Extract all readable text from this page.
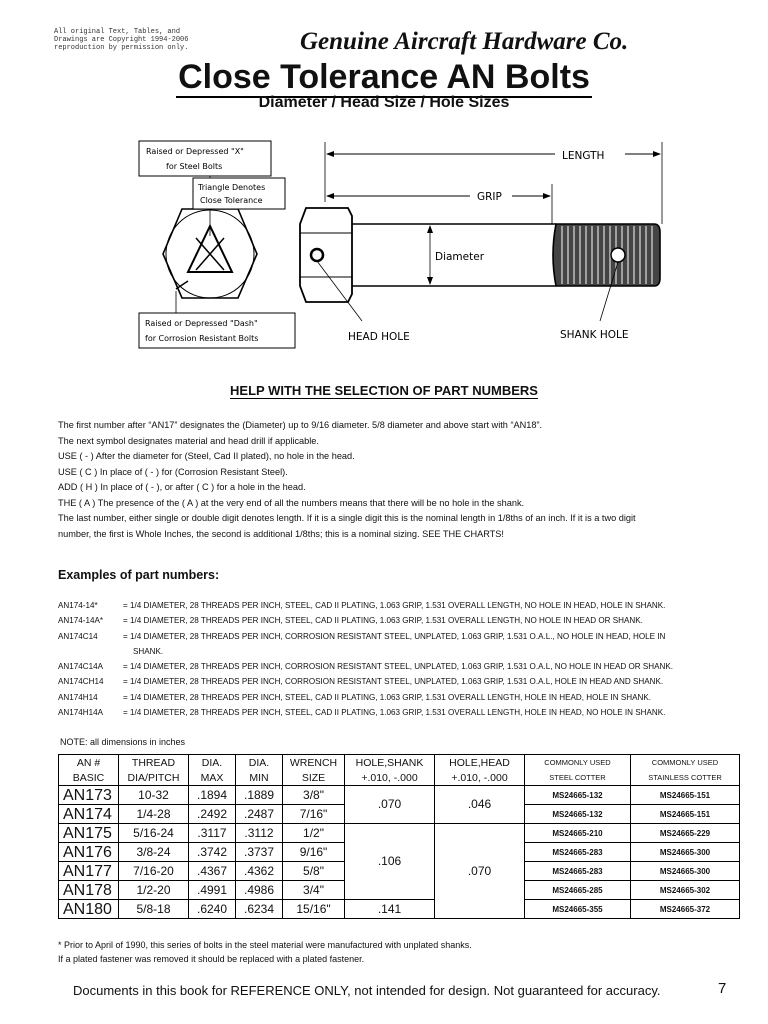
All original Text, Tables, and
Drawings are Copyright 1994-2006
reproduction by permission only.	Genuine Aircraft Hardware Co.
Close Tolerance AN Bolts
Diameter / Head Size / Hole Sizes
Raised or Depressed "X"
for Steel Bolts
Triangle Denotes
Close Tolerance
Raised or Depressed "Dash"
for Corrosion Resistant Bolts
LENGTH
GRIP
Diameter
HEAD HOLE	SHANK HOLE
HELP WITH THE SELECTION OF PART NUMBERS
The first number after “AN17” designates the (Diameter) up to 9/16 diameter. 5/8 diameter and above start with “AN18”.
The next symbol designates material and head drill if applicable.
USE ( - ) After the diameter for (Steel, Cad II plated), no hole in the head.
USE ( C ) In place of ( - ) for (Corrosion Resistant Steel).
ADD ( H ) In place of ( - ), or after ( C ) for a hole in the head.
THE ( A ) The presence of the ( A ) at the very end of all the numbers means that there will be no hole in the shank.
The last number, either single or double digit denotes length. If it is a single digit this is the nominal length in 1/8ths of an inch. If it is a two digit
number, the first is Whole Inches, the second is additional 1/8ths; this is a nominal sizing. SEE THE CHARTS!
Examples of part numbers:
AN174-14*	= 1/4 DIAMETER, 28 THREADS PER INCH, STEEL, CAD II PLATING, 1.063 GRIP, 1.531 OVERALL LENGTH, NO HOLE IN HEAD, HOLE IN SHANK.
AN174-14A*	= 1/4 DIAMETER, 28 THREADS PER INCH, STEEL, CAD II PLATING, 1.063 GRIP, 1.531 OVERALL LENGTH, NO HOLE IN HEAD OR SHANK.
AN174C14	= 1/4 DIAMETER, 28 THREADS PER INCH, CORROSION RESISTANT STEEL, UNPLATED, 1.063 GRIP, 1.531 O.A.L., NO HOLE IN HEAD, HOLE IN
SHANK.
AN174C14A	= 1/4 DIAMETER, 28 THREADS PER INCH, CORROSION RESISTANT STEEL, UNPLATED, 1.063 GRIP, 1.531 O.A.L, NO HOLE IN HEAD OR SHANK.
AN174CH14	= 1/4 DIAMETER, 28 THREADS PER INCH, CORROSION RESISTANT STEEL, UNPLATED, 1.063 GRIP, 1.531 O.A.L, HOLE IN HEAD AND SHANK.
AN174H14	= 1/4 DIAMETER, 28 THREADS PER INCH, STEEL, CAD II PLATING, 1.063 GRIP, 1.531 OVERALL LENGTH, HOLE IN HEAD, HOLE IN SHANK.
AN174H14A	= 1/4 DIAMETER, 28 THREADS PER INCH, STEEL, CAD II PLATING, 1.063 GRIP, 1.531 OVERALL LENGTH, HOLE IN HEAD, NO HOLE IN SHANK.
NOTE: all dimensions in inches
AN #	THREAD	DIA.	DIA.	WRENCH	HOLE,SHANK	HOLE,HEAD	COMMONLY USED	COMMONLY USED
BASIC	DIA/PITCH	MAX	MIN	SIZE	+.010, -.000	+.010, -.000	STEEL COTTER	STAINLESS COTTER
AN173	10-32	.1894	.1889	3/8"	.070	.046	MS24665-132	MS24665-151
AN174	1/4-28	.2492	.2487	7/16"			MS24665-132	MS24665-151
AN175	5/16-24	.3117	.3112	1/2"	.106	.070	MS24665-210	MS24665-229
AN176	3/8-24	.3742	.3737	9/16"			MS24665-283	MS24665-300
AN177	7/16-20	.4367	.4362	5/8"			MS24665-283	MS24665-300
AN178	1/2-20	.4991	.4986	3/4"			MS24665-285	MS24665-302
AN180	5/8-18	.6240	.6234	15/16"	.141		MS24665-355	MS24665-372
* Prior to April of 1990, this series of bolts in the steel material were manufactured with unplated shanks.
If a plated fastener was removed it should be replaced with a plated fastener.
Documents in this book for REFERENCE ONLY, not intended for design. Not guaranteed for accuracy.	7
